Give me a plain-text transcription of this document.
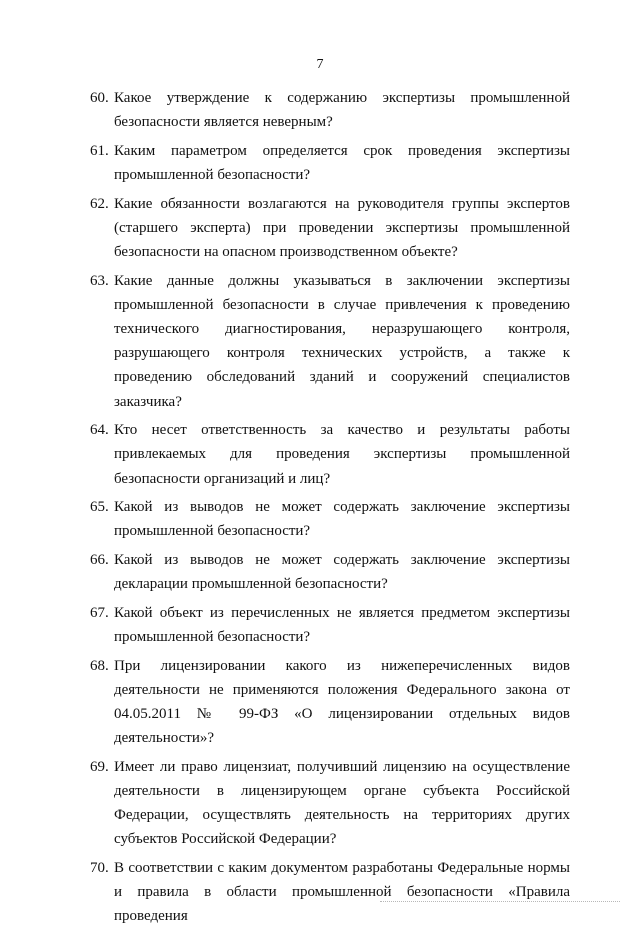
7
60. Какое утверждение к содержанию экспертизы промышленной безопасности является неверным?
61. Каким параметром определяется срок проведения экспертизы промышленной безопасности?
62. Какие обязанности возлагаются на руководителя группы экспертов (старшего эксперта) при проведении экспертизы промышленной безопасности на опасном производственном объекте?
63. Какие данные должны указываться в заключении экспертизы промышленной безопасности в случае привлечения к проведению технического диагностирования, неразрушающего контроля, разрушающего контроля технических устройств, а также к проведению обследований зданий и сооружений специалистов заказчика?
64. Кто несет ответственность за качество и результаты работы привлекаемых для проведения экспертизы промышленной безопасности организаций и лиц?
65. Какой из выводов не может содержать заключение экспертизы промышленной безопасности?
66. Какой из выводов не может содержать заключение экспертизы декларации промышленной безопасности?
67. Какой объект из перечисленных не является предметом экспертизы промышленной безопасности?
68. При лицензировании какого из нижеперечисленных видов деятельности не применяются положения Федерального закона от 04.05.2011 № 99-ФЗ «О лицензировании отдельных видов деятельности»?
69. Имеет ли право лицензиат, получивший лицензию на осуществление деятельности в лицензирующем органе субъекта Российской Федерации, осуществлять деятельность на территориях других субъектов Российской Федерации?
70. В соответствии с каким документом разработаны Федеральные нормы и правила в области промышленной безопасности «Правила проведения
